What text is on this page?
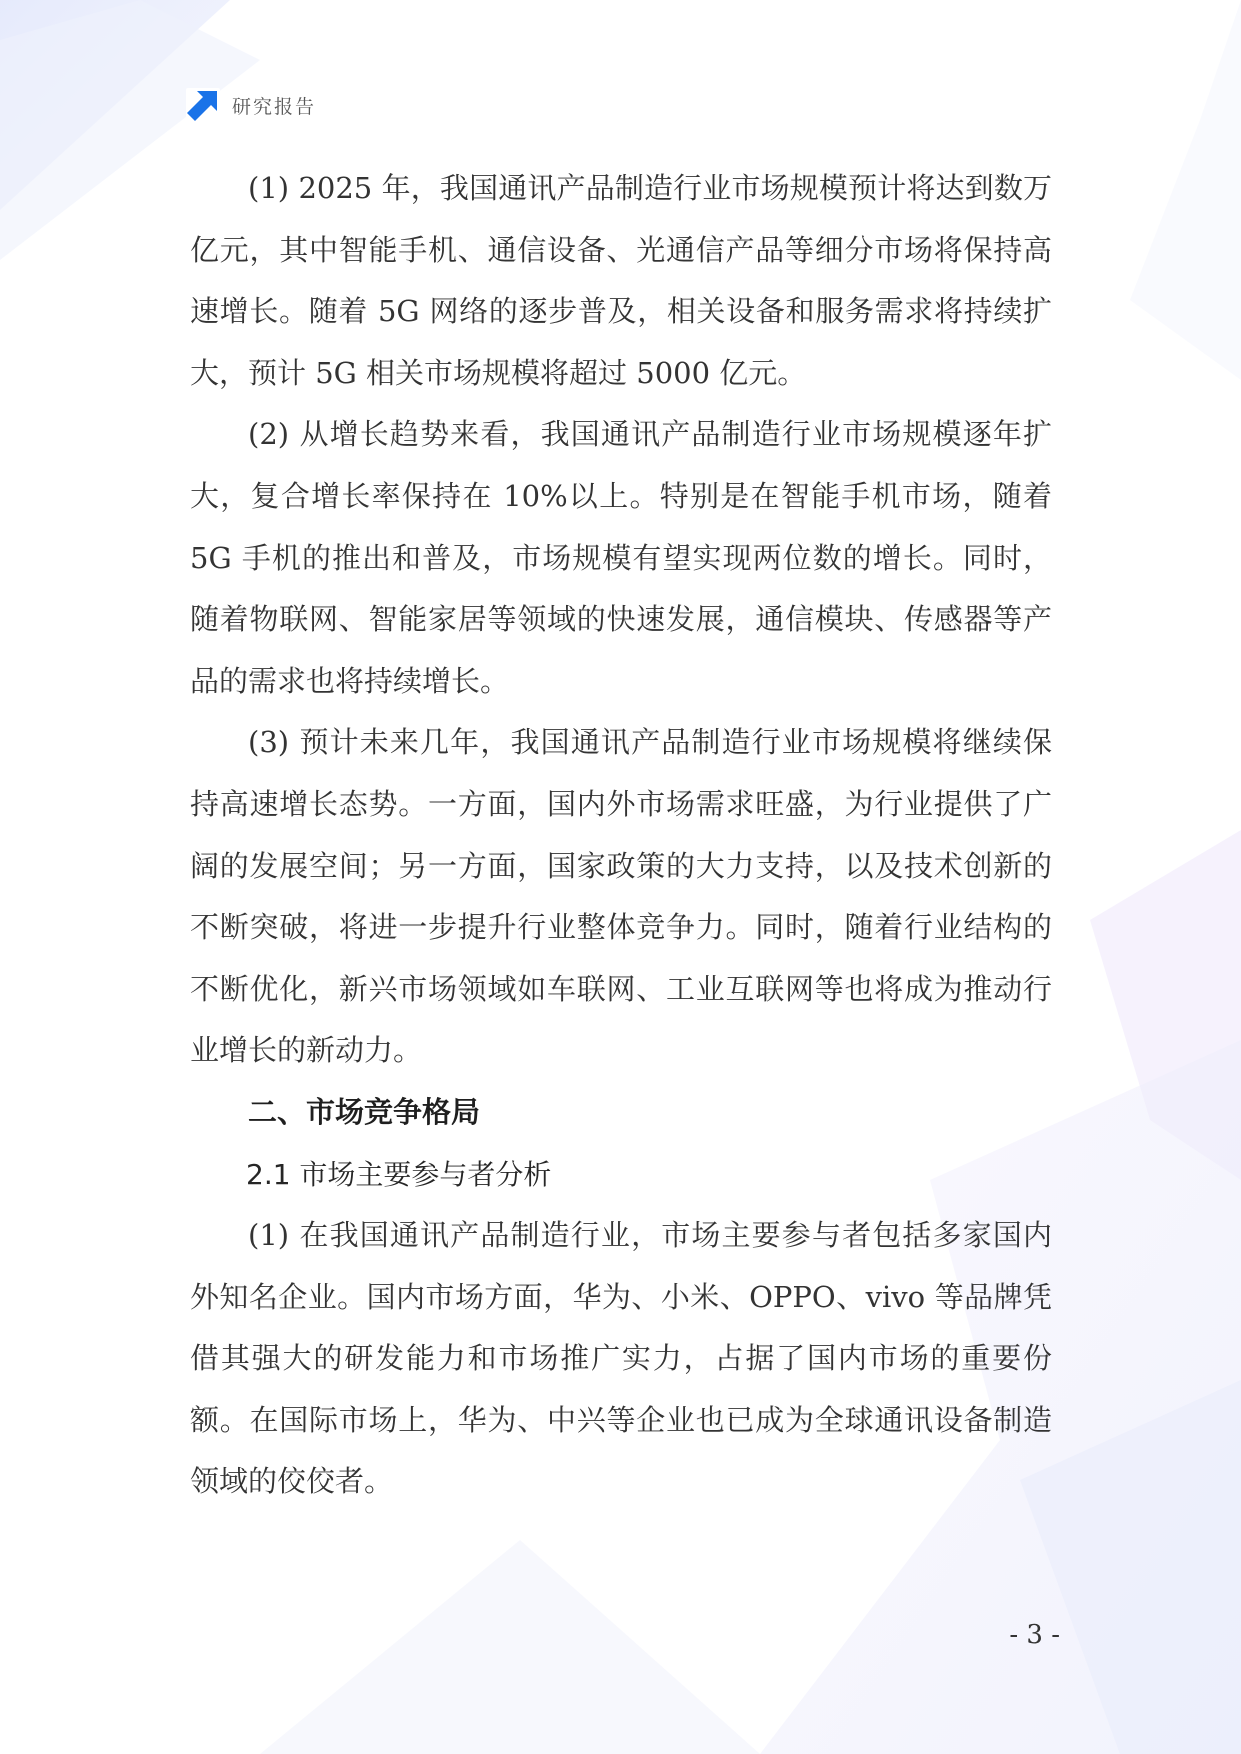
研究报告

(1) 2025 年，我国通讯产品制造行业市场规模预计将达到数万亿元，其中智能手机、通信设备、光通信产品等细分市场将保持高速增长。随着 5G 网络的逐步普及，相关设备和服务需求将持续扩大，预计 5G 相关市场规模将超过 5000 亿元。

(2) 从增长趋势来看，我国通讯产品制造行业市场规模逐年扩大，复合增长率保持在 10%以上。特别是在智能手机市场，随着 5G 手机的推出和普及，市场规模有望实现两位数的增长。同时，随着物联网、智能家居等领域的快速发展，通信模块、传感器等产品的需求也将持续增长。

(3) 预计未来几年，我国通讯产品制造行业市场规模将继续保持高速增长态势。一方面，国内外市场需求旺盛，为行业提供了广阔的发展空间；另一方面，国家政策的大力支持，以及技术创新的不断突破，将进一步提升行业整体竞争力。同时，随着行业结构的不断优化，新兴市场领域如车联网、工业互联网等也将成为推动行业增长的新动力。

二、市场竞争格局

2.1 市场主要参与者分析

(1) 在我国通讯产品制造行业，市场主要参与者包括多家国内外知名企业。国内市场方面，华为、小米、OPPO、vivo 等品牌凭借其强大的研发能力和市场推广实力，占据了国内市场的重要份额。在国际市场上，华为、中兴等企业也已成为全球通讯设备制造领域的佼佼者。

- 3 -
